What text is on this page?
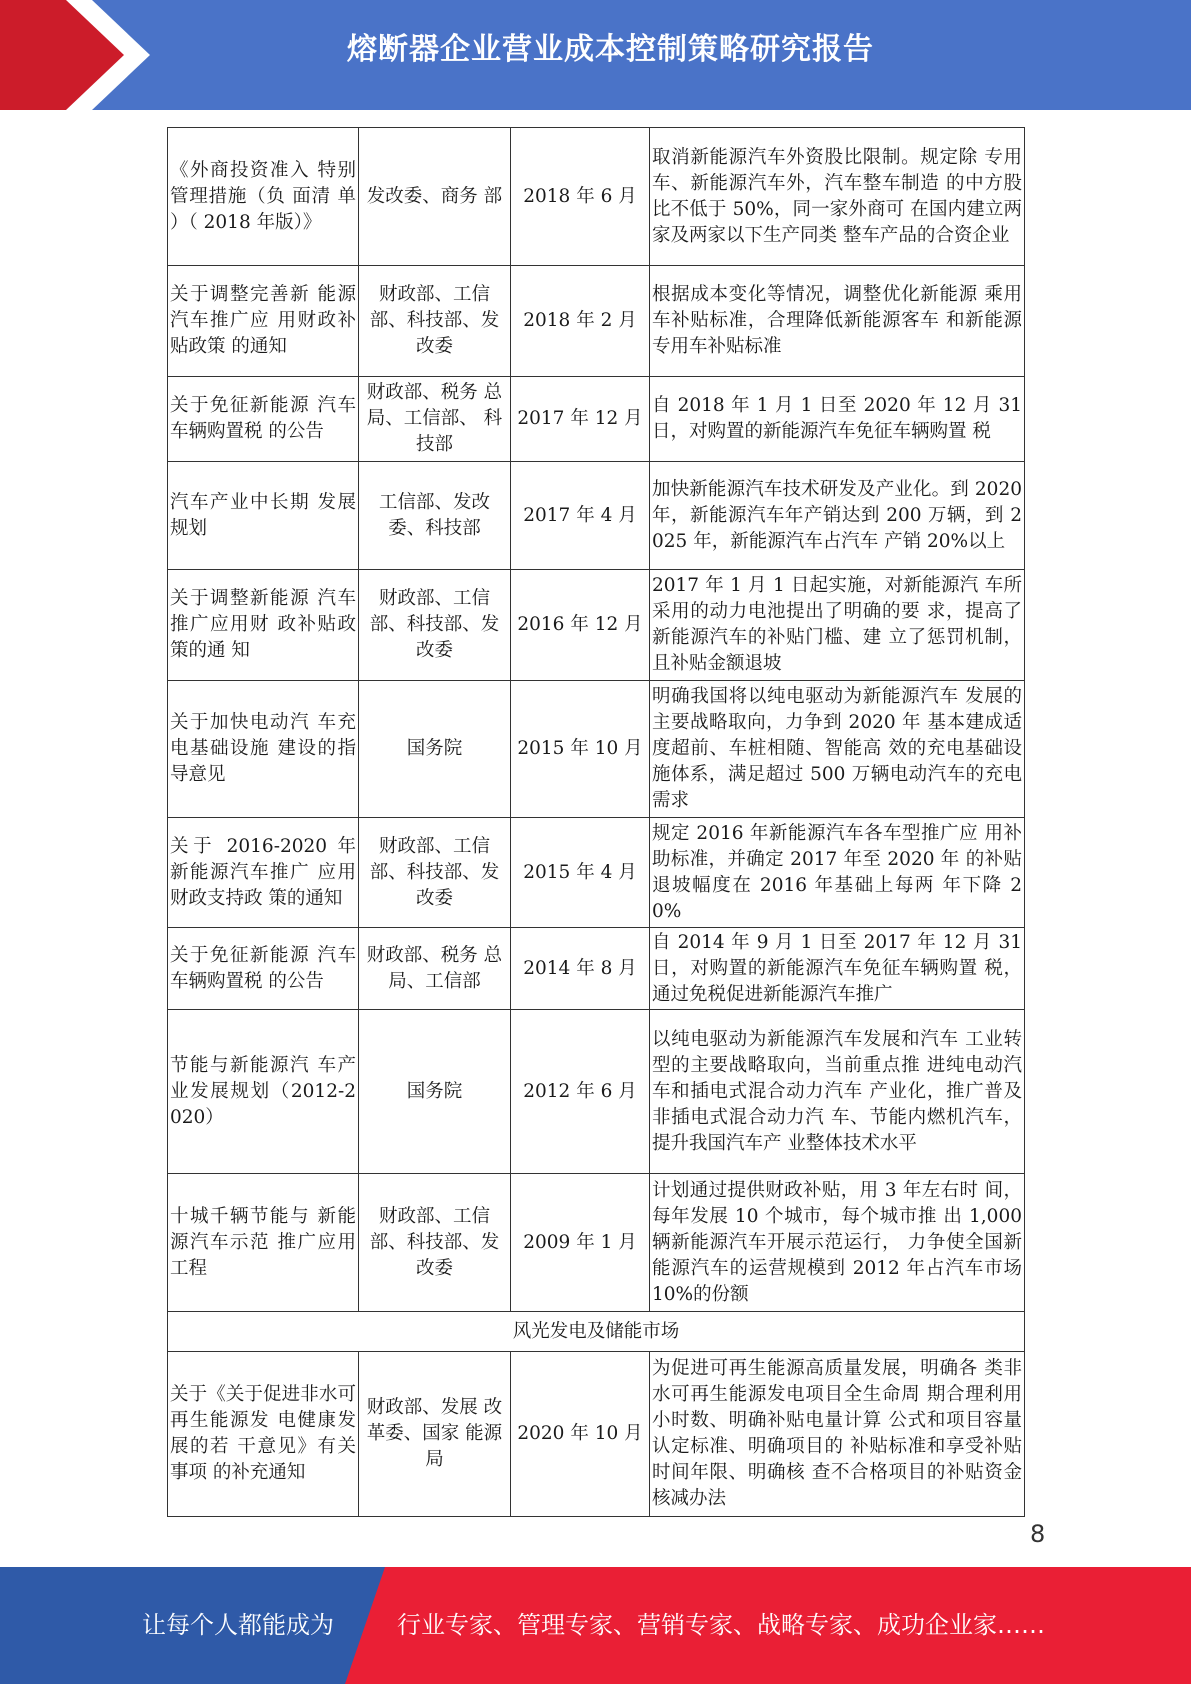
熔断器企业营业成本控制策略研究报告
《外商投资准入 特别管理措施（负 面清 单 ）（ 2018 年版）》	发改委、商务 部	2018 年 6 月	取消新能源汽车外资股比限制。规定除 专用车、新能源汽车外，汽车整车制造 的中方股比不低于 50%，同一家外商可 在国内建立两家及两家以下生产同类 整车产品的合资企业
关于调整完善新 能源汽车推广应 用财政补贴政策 的通知	财政部、工信部、科技部、发改委	2018 年 2 月	根据成本变化等情况，调整优化新能源 乘用车补贴标准，合理降低新能源客车 和新能源专用车补贴标准
关于免征新能源 汽车车辆购置税 的公告	财政部、税务 总局、工信部、 科技部	2017 年 12 月	自 2018 年 1 月 1 日至 2020 年 12 月 31 日，对购置的新能源汽车免征车辆购置 税
汽车产业中长期 发展规划	工信部、发改委、科技部	2017 年 4 月	加快新能源汽车技术研发及产业化。到 2020 年，新能源汽车年产销达到 200 万辆，到 2025 年，新能源汽车占汽车 产销 20%以上
关于调整新能源 汽车推广应用财 政补贴政策的通 知	财政部、工信部、科技部、发改委	2016 年 12 月	2017 年 1 月 1 日起实施，对新能源汽 车所采用的动力电池提出了明确的要 求，提高了新能源汽车的补贴门槛、建 立了惩罚机制，且补贴金额退坡
关于加快电动汽 车充电基础设施 建设的指导意见	国务院	2015 年 10 月	明确我国将以纯电驱动为新能源汽车 发展的主要战略取向，力争到 2020 年 基本建成适度超前、车桩相随、智能高 效的充电基础设施体系，满足超过 500 万辆电动汽车的充电需求
关于 2016-2020 年 新能源汽车推广 应用财政支持政 策的通知	财政部、工信部、科技部、发改委	2015 年 4 月	规定 2016 年新能源汽车各车型推广应 用补助标准，并确定 2017 年至 2020 年 的补贴退坡幅度在 2016 年基础上每两 年下降 20%
关于免征新能源 汽车车辆购置税 的公告	财政部、税务 总局、工信部	2014 年 8 月	自 2014 年 9 月 1 日至 2017 年 12 月 31 日，对购置的新能源汽车免征车辆购置 税，通过免税促进新能源汽车推广
节能与新能源汽 车产业发展规划（2012-2020）	国务院	2012 年 6 月	以纯电驱动为新能源汽车发展和汽车 工业转型的主要战略取向，当前重点推 进纯电动汽车和插电式混合动力汽车 产业化，推广普及非插电式混合动力汽 车、节能内燃机汽车，提升我国汽车产 业整体技术水平
十城千辆节能与 新能源汽车示范 推广应用工程	财政部、工信部、科技部、发改委	2009 年 1 月	计划通过提供财政补贴，用 3 年左右时 间，每年发展 10 个城市，每个城市推 出 1,000 辆新能源汽车开展示范运行， 力争使全国新能源汽车的运营规模到 2012 年占汽车市场 10%的份额
风光发电及储能市场			
关于《关于促进非水可再生能源发 电健康发展的若 干意见》有关事项 的补充通知	财政部、发展 改革委、国家 能源局	2020 年 10 月	为促进可再生能源高质量发展，明确各 类非水可再生能源发电项目全生命周 期合理利用小时数、明确补贴电量计算 公式和项目容量认定标准、明确项目的 补贴标准和享受补贴时间年限、明确核 查不合格项目的补贴资金核减办法
8
让每个人都能成为	行业专家、管理专家、营销专家、战略专家、成功企业家……
